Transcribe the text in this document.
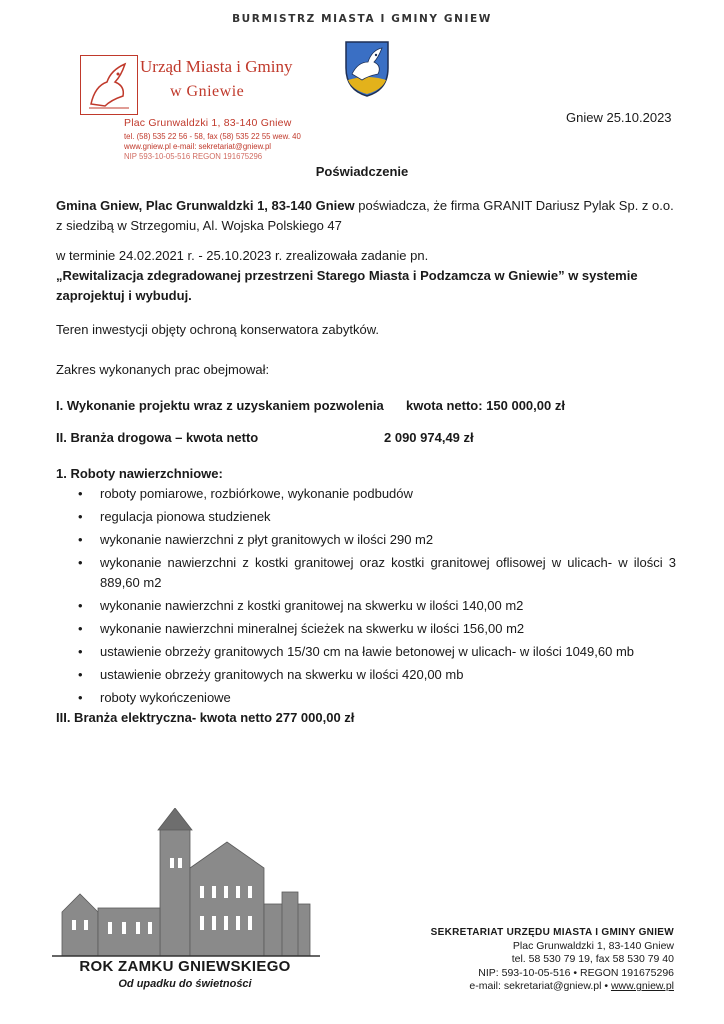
BURMISTRZ MIASTA I GMINY GNIEW
Urząd Miasta i Gminy
w Gniewie
Plac Grunwaldzki 1, 83-140 Gniew
tel. (58) 535 22 56 - 58, fax (58) 535 22 55 wew. 40
www.gniew.pl e-mail: sekretariat@gniew.pl
NIP 593-10-05-516 REGON 191675296
Gniew 25.10.2023
Poświadczenie
Gmina Gniew, Plac Grunwaldzki 1, 83-140 Gniew poświadcza, że firma GRANIT Dariusz Pylak Sp. z o.o. z siedzibą w Strzegomiu, Al. Wojska Polskiego 47
w terminie 24.02.2021 r. - 25.10.2023 r. zrealizowała zadanie pn.
„Rewitalizacja zdegradowanej przestrzeni Starego Miasta i Podzamcza w Gniewie” w systemie zaprojektuj i wybuduj.
Teren inwestycji objęty ochroną konserwatora zabytków.
Zakres wykonanych prac obejmował:
I. Wykonanie projektu wraz z uzyskaniem pozwolenia kwota netto: 150 000,00 zł
II. Branża drogowa – kwota netto	2 090 974,49 zł
1. Roboty nawierzchniowe:
• roboty pomiarowe, rozbiórkowe, wykonanie podbudów
• regulacja pionowa studzienek
• wykonanie nawierzchni z płyt granitowych w ilości 290 m2
• wykonanie nawierzchni z kostki granitowej oraz kostki granitowej oflisowej w ulicach- w ilości 3 889,60 m2
• wykonanie nawierzchni z kostki granitowej na skwerku w ilości 140,00 m2
• wykonanie nawierzchni mineralnej ścieżek na skwerku w ilości 156,00 m2
• ustawienie obrzeży granitowych 15/30 cm na ławie betonowej w ulicach- w ilości 1049,60 mb
• ustawienie obrzeży granitowych na skwerku w ilości 420,00 mb
• roboty wykończeniowe
III. Branża elektryczna- kwota netto 277 000,00 zł
ROK ZAMKU GNIEWSKIEGO
Od upadku do świetności
SEKRETARIAT URZĘDU MIASTA I GMINY GNIEW
Plac Grunwaldzki 1, 83-140 Gniew
tel. 58 530 79 19, fax 58 530 79 40
NIP: 593-10-05-516 • REGON 191675296
e-mail: sekretariat@gniew.pl • www.gniew.pl
